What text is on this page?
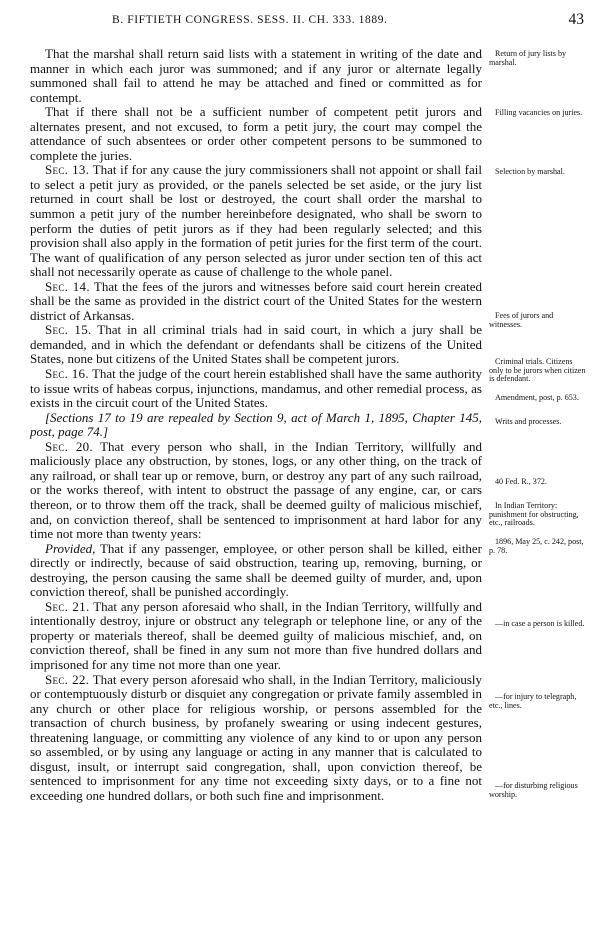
B. FIFTIETH CONGRESS. SESS. II. CH. 333. 1889.	43

That the marshal shall return said lists with a statement in writing of the date and manner in which each juror was summoned; and if any juror or alternate legally summoned shall fail to attend he may be attached and fined or committed as for contempt.

That if there shall not be a sufficient number of competent petit jurors and alternates present, and not excused, to form a petit jury, the court may compel the attendance of such absentees or order other competent persons to be summoned to complete the juries.

Sec. 13. That if for any cause the jury commissioners shall not appoint or shall fail to select a petit jury as provided, or the panels selected be set aside, or the jury list returned in court shall be lost or destroyed, the court shall order the marshal to summon a petit jury of the number hereinbefore designated, who shall be sworn to perform the duties of petit jurors as if they had been regularly selected; and this provision shall also apply in the formation of petit juries for the first term of the court. The want of qualification of any person selected as juror under section ten of this act shall not necessarily operate as cause of challenge to the whole panel.

Sec. 14. That the fees of the jurors and witnesses before said court herein created shall be the same as provided in the district court of the United States for the western district of Arkansas.

Sec. 15. That in all criminal trials had in said court, in which a jury shall be demanded, and in which the defendant or defendants shall be citizens of the United States, none but citizens of the United States shall be competent jurors.

Sec. 16. That the judge of the court herein established shall have the same authority to issue writs of habeas corpus, injunctions, mandamus, and other remedial process, as exists in the circuit court of the United States.

[Sections 17 to 19 are repealed by Section 9, act of March 1, 1895, Chapter 145, post, page 74.]

Sec. 20. That every person who shall, in the Indian Territory, willfully and maliciously place any obstruction, by stones, logs, or any other thing, on the track of any railroad, or shall tear up or remove, burn, or destroy any part of any such railroad, or the works thereof, with intent to obstruct the passage of any engine, car, or cars thereon, or to throw them off the track, shall be deemed guilty of malicious mischief, and, on conviction thereof, shall be sentenced to imprisonment at hard labor for any time not more than twenty years:

Provided, That if any passenger, employee, or other person shall be killed, either directly or indirectly, because of said obstruction, tearing up, removing, burning, or destroying, the person causing the same shall be deemed guilty of murder, and, upon conviction thereof, shall be punished accordingly.

Sec. 21. That any person aforesaid who shall, in the Indian Territory, willfully and intentionally destroy, injure or obstruct any telegraph or telephone line, or any of the property or materials thereof, shall be deemed guilty of malicious mischief, and, on conviction thereof, shall be fined in any sum not more than five hundred dollars and imprisoned for any time not more than one year.

Sec. 22. That every person aforesaid who shall, in the Indian Territory, maliciously or contemptuously disturb or disquiet any congregation or private family assembled in any church or other place for religious worship, or persons assembled for the transaction of church business, by profanely swearing or using indecent gestures, threatening language, or committing any violence of any kind to or upon any person so assembled, or by using any language or acting in any manner that is calculated to disgust, insult, or interrupt said congregation, shall, upon conviction thereof, be sentenced to imprisonment for any time not exceeding sixty days, or to a fine not exceeding one hundred dollars, or both such fine and imprisonment.

Return of jury lists by marshal.

Filling vacancies on juries.

Selection by marshal.

Fees of jurors and witnesses.

Criminal trials. Citizens only to be jurors when citizen is defendant.

Amendment, post, p. 653.

Writs and processes.

40 Fed. R., 372.

In Indian Territory: punishment for obstructing, etc., railroads.

1896, May 25, c. 242, post, p. 78.

—in case a person is killed.

—for injury to telegraph, etc., lines.

—for disturbing religious worship.
